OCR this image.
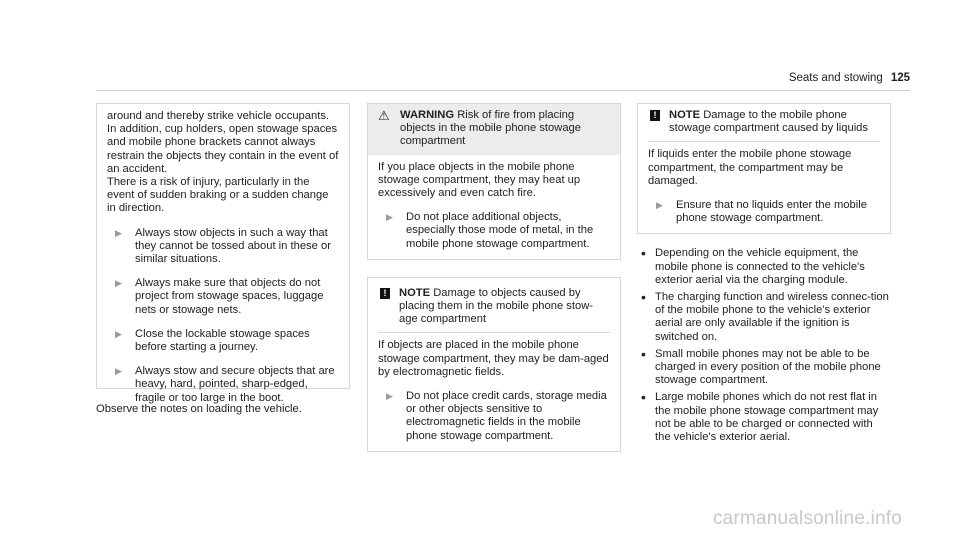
Seats and stowing 125

around and thereby strike vehicle occupants. In addition, cup holders, open stowage spaces and mobile phone brackets cannot always restrain the objects they contain in the event of an accident.

There is a risk of injury, particularly in the event of sudden braking or a sudden change in direction.

▶	Always stow objects in such a way that they cannot be tossed about in these or similar situations.
▶	Always make sure that objects do not project from stowage spaces, luggage nets or stowage nets.
▶	Close the lockable stowage spaces before starting a journey.
▶	Always stow and secure objects that are heavy, hard, pointed, sharp-edged, fragile or too large in the boot.

Observe the notes on loading the vehicle.

⚠ WARNING Risk of fire from placing objects in the mobile phone stowage compartment

If you place objects in the mobile phone stowage compartment, they may heat up excessively and even catch fire.

▶	Do not place additional objects, especially those mode of metal, in the mobile phone stowage compartment.
!	NOTE Damage to objects caused by placing them in the mobile phone stow-age compartment

If objects are placed in the mobile phone stowage compartment, they may be dam-aged by electromagnetic fields.

▶	Do not place credit cards, storage media or other objects sensitive to electromagnetic fields in the mobile phone stowage compartment.
!	NOTE Damage to the mobile phone stowage compartment caused by liquids

If liquids enter the mobile phone stowage compartment, the compartment may be damaged.

▶	Ensure that no liquids enter the mobile phone stowage compartment.
• Depending on the vehicle equipment, the mobile phone is connected to the vehicle's exterior aerial via the charging module.
• The charging function and wireless connec-tion of the mobile phone to the vehicle's exterior aerial are only available if the ignition is switched on.
• Small mobile phones may not be able to be charged in every position of the mobile phone stowage compartment.
• Large mobile phones which do not rest flat in the mobile phone stowage compartment may not be able to be charged or connected with the vehicle's exterior aerial.
carmanualsonline.info
